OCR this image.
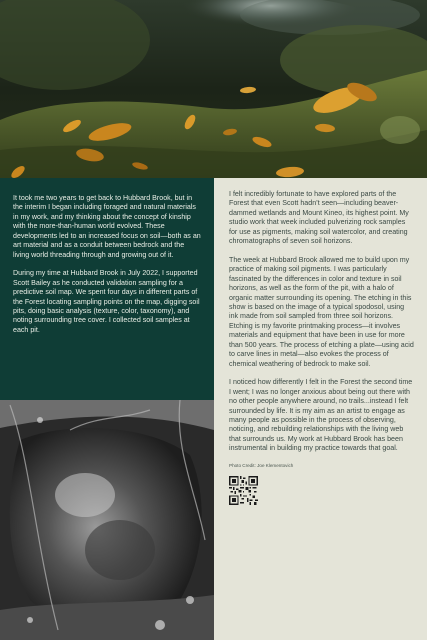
It took me two years to get back to Hubbard Brook, but in the interim I began including foraged and natural materials in my work, and my thinking about the concept of kinship with the more-than-human world evolved. These developments led to an increased focus on soil—both as an art material and as a conduit between bedrock and the living world threading through and growing out of it.

During my time at Hubbard Brook in July 2022, I supported Scott Bailey as he conducted validation sampling for a predictive soil map. We spent four days in different parts of the Forest locating sampling points on the map, digging soil pits, doing basic analysis (texture, color, taxonomy), and noting surrounding tree cover. I collected soil samples at each pit.

I felt incredibly fortunate to have explored parts of the Forest that even Scott hadn’t seen—including beaver-dammed wetlands and Mount Kineo, its highest point. My studio work that week included pulverizing rock samples for use as pigments, making soil watercolor, and creating chromatographs of seven soil horizons.

The week at Hubbard Brook allowed me to build upon my practice of making soil pigments. I was particularly fascinated by the differences in color and texture in soil horizons, as well as the form of the pit, with a halo of organic matter surrounding its opening. The etching in this show is based on the image of a typical spodosol, using ink made from soil sampled from three soil horizons. Etching is my favorite printmaking process—it involves materials and equipment that have been in use for more than 500 years. The process of etching a plate—using acid to carve lines in metal—also evokes the process of chemical weathering of bedrock to make soil.

I noticed how differently I felt in the Forest the second time I went; I was no longer anxious about being out there with no other people anywhere around, no trails...instead I felt surrounded by life. It is my aim as an artist to engage as many people as possible in the process of observing, noticing, and rebuilding relationships with the living web that surrounds us. My work at Hubbard Brook has been instrumental in building my practice towards that goal.

Photo Credit: Joe Klementovich
